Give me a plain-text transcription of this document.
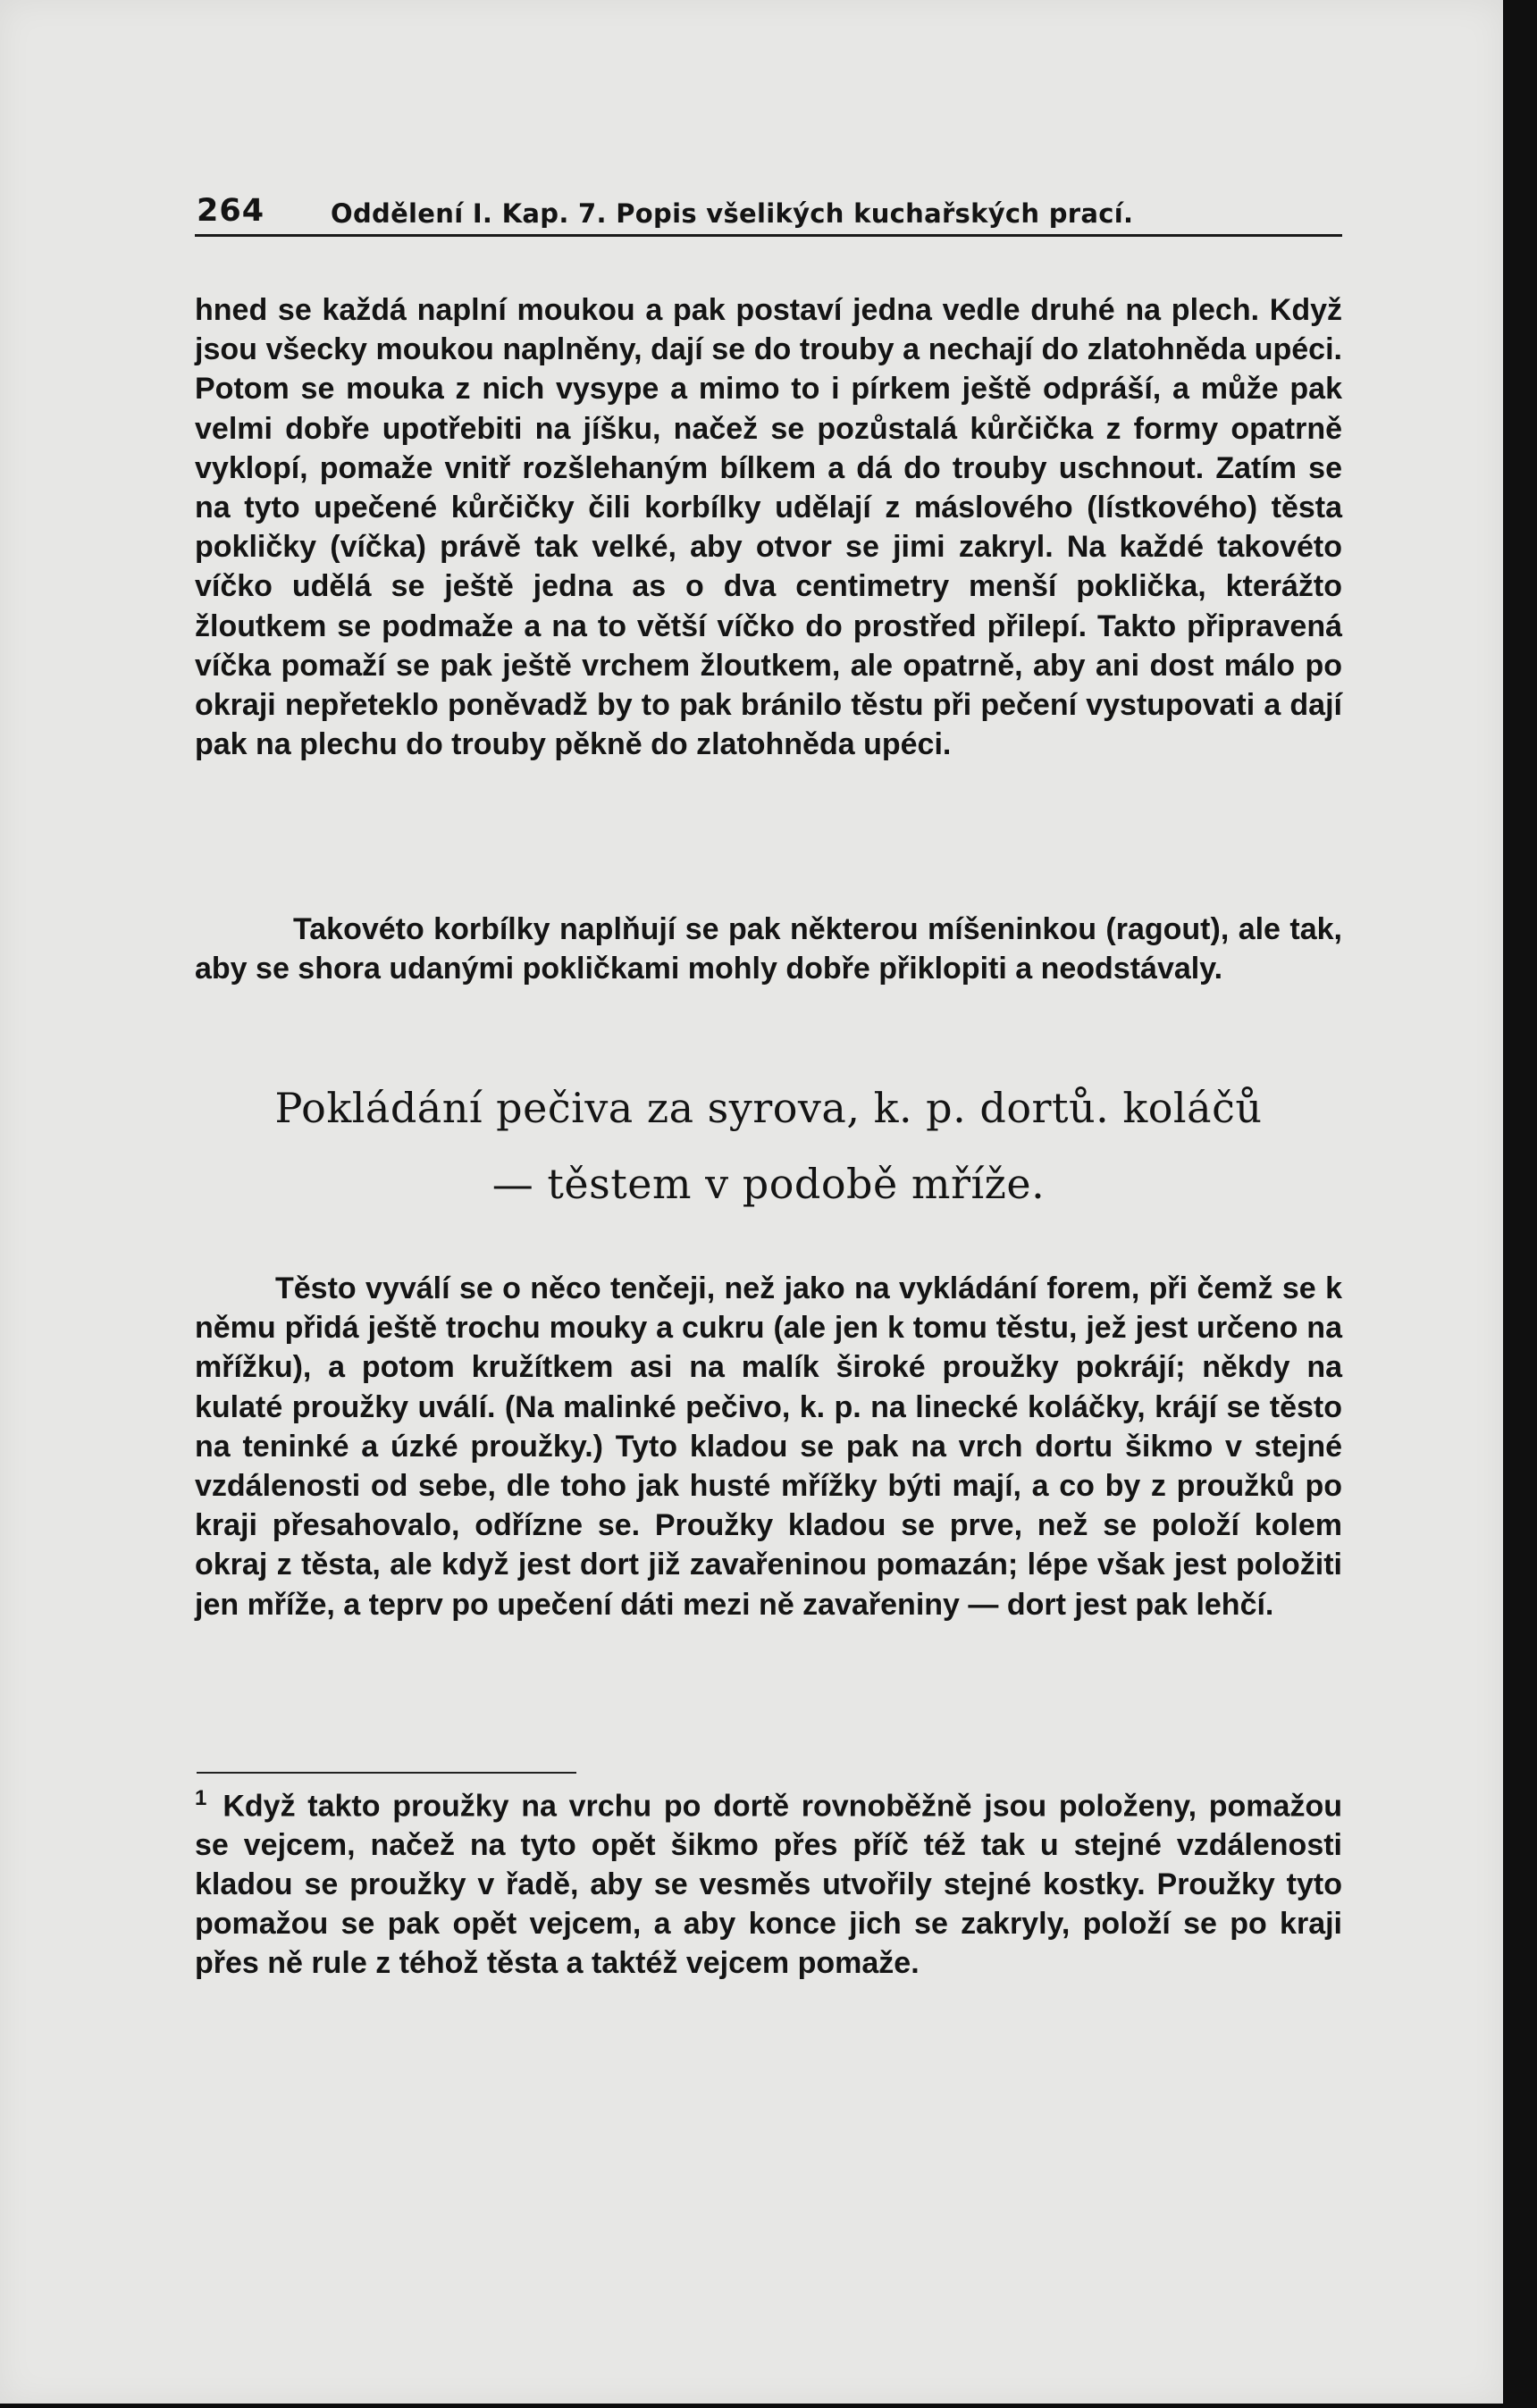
264	Oddělení I. Kap. 7. Popis všelikých kuchařských prací.

hned se každá naplní moukou a pak postaví jedna vedle druhé na plech. Když jsou všecky moukou naplněny, dají se do trouby a nechají do zlatohněda upéci. Potom se mouka z nich vysype a mimo to i pírkem ještě odpráší, a může pak velmi dobře upotřebiti na jíšku, načež se pozůstalá kůrčička z formy opatrně vyklopí, pomaže vnitř rozšlehaným bílkem a dá do trouby uschnout. Zatím se na tyto upečené kůrčičky čili korbílky udělají z máslového (lístkového) těsta pokličky (víčka) právě tak velké, aby otvor se jimi zakryl. Na každé takovéto víčko udělá se ještě jedna as o dva centimetry menší poklička, kterážto žloutkem se podmaže a na to větší víčko do prostřed přilepí. Takto připravená víčka pomaží se pak ještě vrchem žloutkem, ale opatrně, aby ani dost málo po okraji nepřeteklo poněvadž by to pak bránilo těstu při pečení vystupovati a dají pak na plechu do trouby pěkně do zlatohněda upéci.

Takovéto korbílky naplňují se pak některou míšeninkou (ragout), ale tak, aby se shora udanými pokličkami mohly dobře přiklopiti a neodstávaly.

Pokládání pečiva za syrova, k. p. dortů. koláčů
— těstem v podobě mříže.

Těsto vyválí se o něco tenčeji, než jako na vykládání forem, při čemž se k němu přidá ještě trochu mouky a cukru (ale jen k tomu těstu, jež jest určeno na mřížku), a potom kružítkem asi na malík široké proužky pokrájí; někdy na kulaté proužky uválí. (Na malinké pečivo, k. p. na linecké koláčky, krájí se těsto na teninké a úzké proužky.) Tyto kladou se pak na vrch dortu šikmo v stejné vzdálenosti od sebe, dle toho jak husté mřížky býti mají, a co by z proužků po kraji přesahovalo, odřízne se. Proužky kladou se prve, než se položí kolem okraj z těsta, ale když jest dort již zavařeninou pomazán; lépe však jest položiti jen mříže, a teprv po upečení dáti mezi ně zavařeniny — dort jest pak lehčí.

$^1$ Když takto proužky na vrchu po dortě rovnoběžně jsou položeny, pomažou se vejcem, načež na tyto opět šikmo přes příč též tak u stejné vzdálenosti kladou se proužky v řadě, aby se vesměs utvořily stejné kostky. Proužky tyto pomažou se pak opět vejcem, a aby konce jich se zakryly, položí se po kraji přes ně rule z téhož těsta a taktéž vejcem pomaže.
